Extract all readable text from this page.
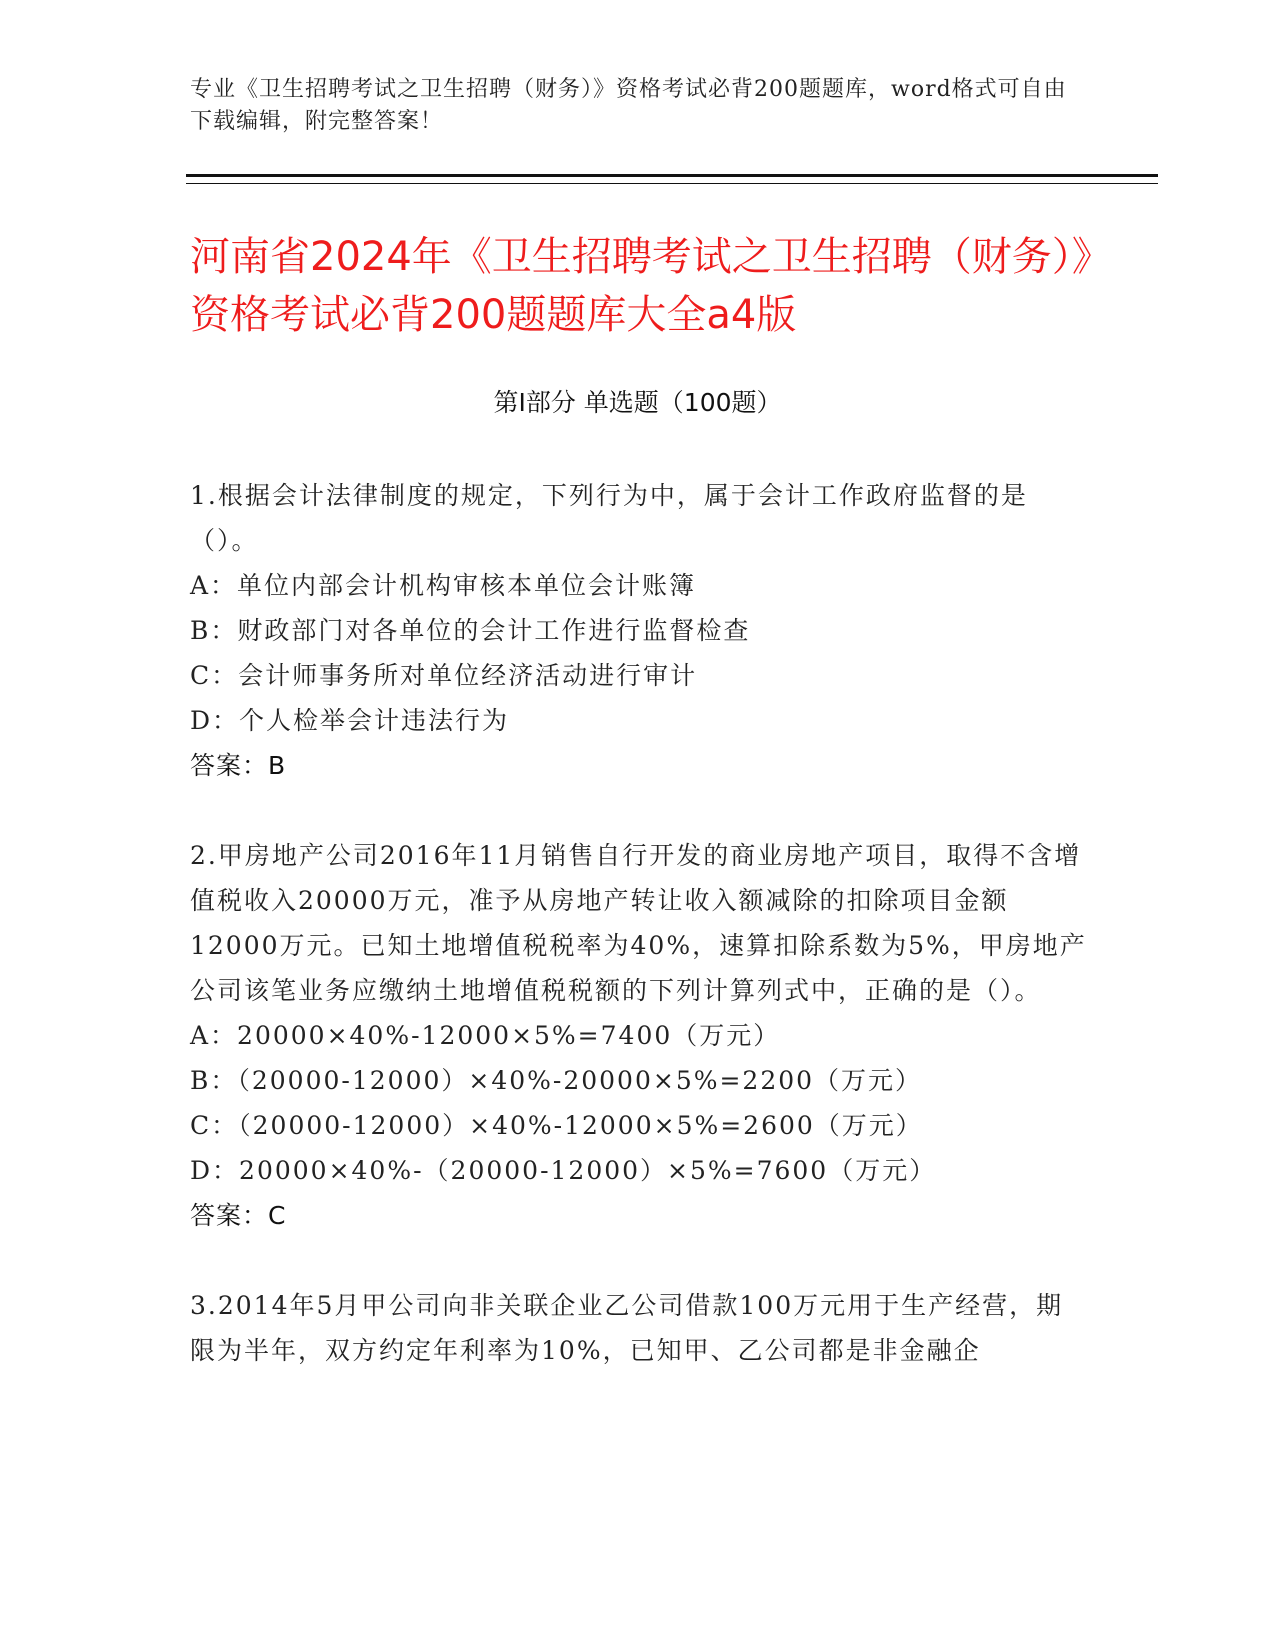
专业《卫生招聘考试之卫生招聘（财务）》资格考试必背200题题库，word格式可自由下载编辑，附完整答案！
河南省2024年《卫生招聘考试之卫生招聘（财务）》资格考试必背200题题库大全a4版
第Ⅰ部分 单选题（100题）
1.根据会计法律制度的规定，下列行为中，属于会计工作政府监督的是（）。
A：单位内部会计机构审核本单位会计账簿
B：财政部门对各单位的会计工作进行监督检查
C：会计师事务所对单位经济活动进行审计
D：个人检举会计违法行为
答案：B
2.甲房地产公司2016年11月销售自行开发的商业房地产项目，取得不含增值税收入20000万元，准予从房地产转让收入额减除的扣除项目金额12000万元。已知土地增值税税率为40%，速算扣除系数为5%，甲房地产公司该笔业务应缴纳土地增值税税额的下列计算列式中，正确的是（）。
A：20000×40%-12000×5%=7400（万元）
B：（20000-12000）×40%-20000×5%=2200（万元）
C：（20000-12000）×40%-12000×5%=2600（万元）
D：20000×40%-（20000-12000）×5%=7600（万元）
答案：C
3.2014年5月甲公司向非关联企业乙公司借款100万元用于生产经营，期限为半年，双方约定年利率为10%，已知甲、乙公司都是非金融企
